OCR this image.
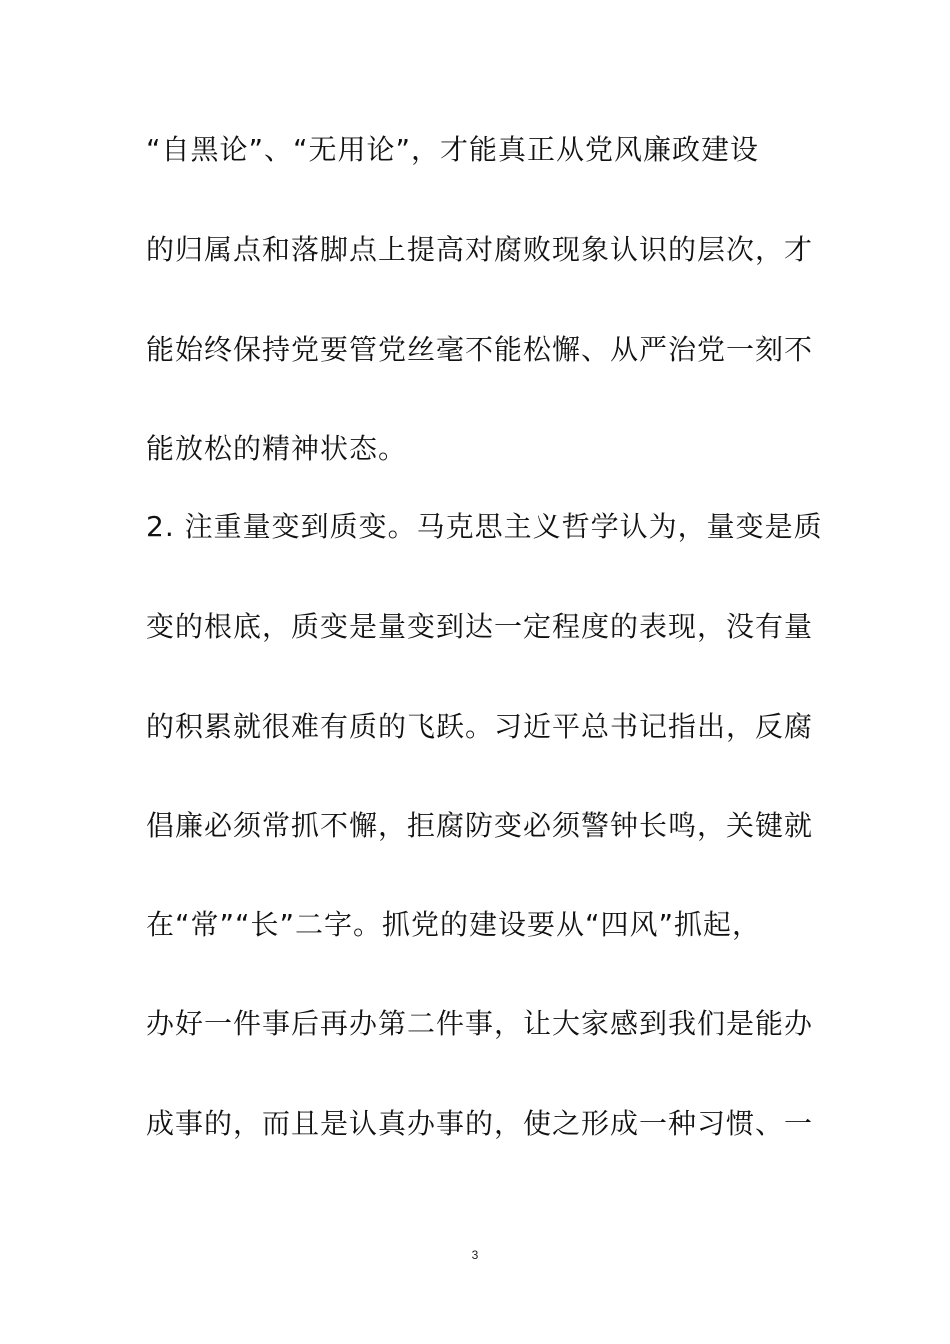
“自黑论”、“无用论”，才能真正从党风廉政建设
的归属点和落脚点上提高对腐败现象认识的层次，才
能始终保持党要管党丝毫不能松懈、从严治党一刻不
能放松的精神状态。
2. 注重量变到质变。马克思主义哲学认为，量变是质
变的根底，质变是量变到达一定程度的表现，没有量
的积累就很难有质的飞跃。习近平总书记指出，反腐
倡廉必须常抓不懈，拒腐防变必须警钟长鸣，关键就
在“常”“长”二字。抓党的建设要从“四风”抓起，
办好一件事后再办第二件事，让大家感到我们是能办
成事的，而且是认真办事的，使之形成一种习惯、一
3
